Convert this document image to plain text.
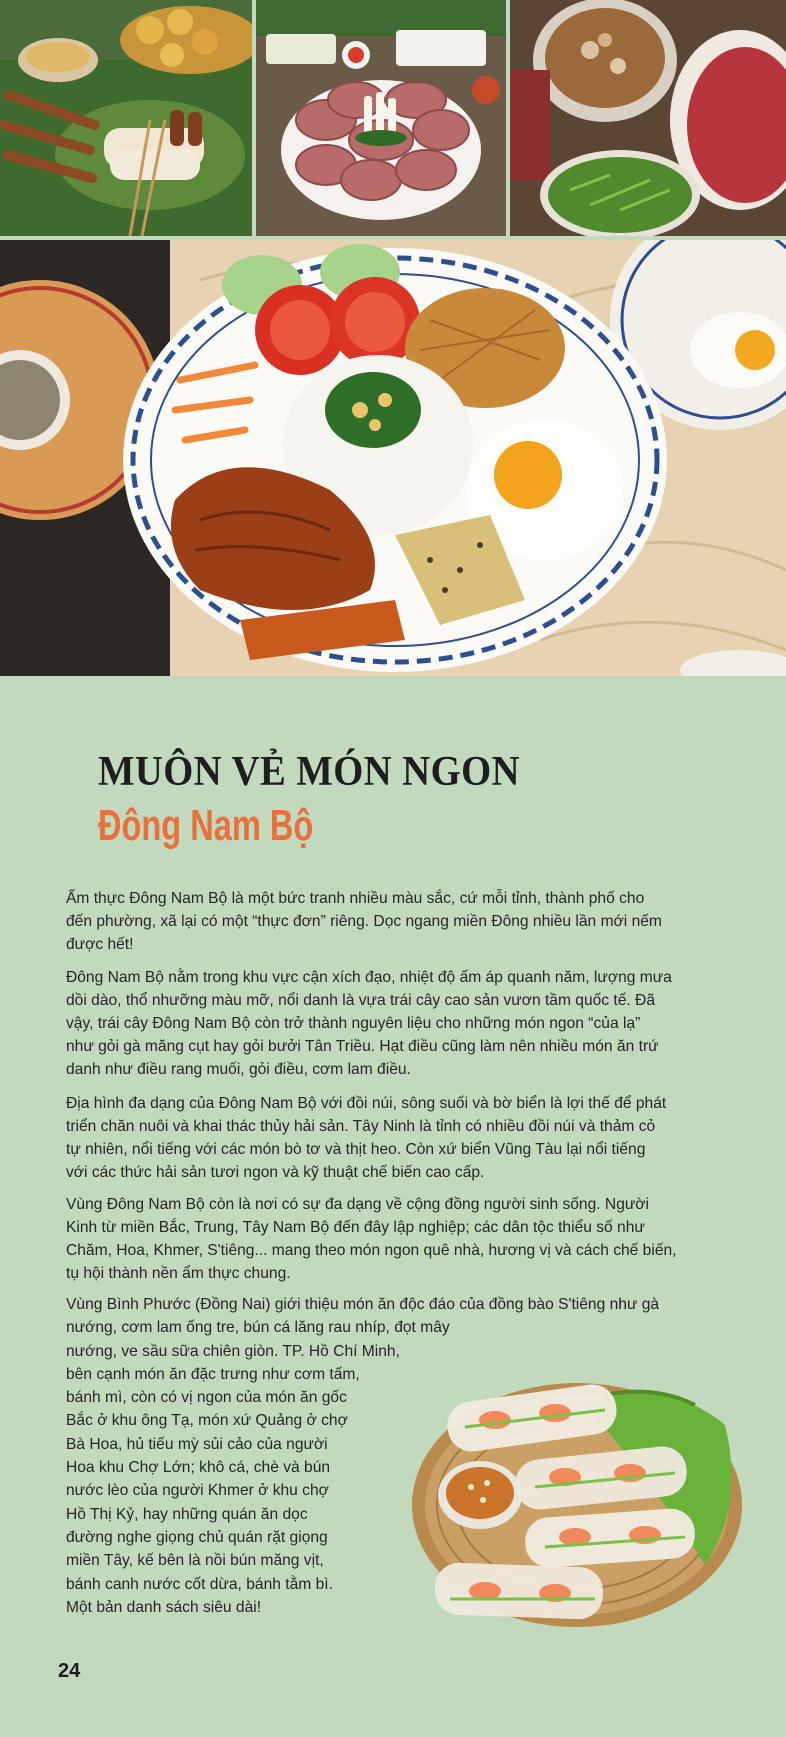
MUÔN VẺ MÓN NGON
Đông Nam Bộ

Ẩm thực Đông Nam Bộ là một bức tranh nhiều màu sắc, cứ mỗi tỉnh, thành phố cho
đến phường, xã lại có một “thực đơn” riêng. Dọc ngang miền Đông nhiều lần mới nếm
được hết!

Đông Nam Bộ nằm trong khu vực cận xích đạo, nhiệt độ ấm áp quanh năm, lượng mưa
dồi dào, thổ nhưỡng màu mỡ, nổi danh là vựa trái cây cao sản vươn tầm quốc tế. Đã
vậy, trái cây Đông Nam Bộ còn trở thành nguyên liệu cho những món ngon “của lạ”
như gỏi gà măng cụt hay gỏi bưởi Tân Triều. Hạt điều cũng làm nên nhiều món ăn trứ
danh như điều rang muối, gỏi điều, cơm lam điều.

Địa hình đa dạng của Đông Nam Bộ với đồi núi, sông suối và bờ biển là lợi thế để phát
triển chăn nuôi và khai thác thủy hải sản. Tây Ninh là tỉnh có nhiều đồi núi và thảm cỏ
tự nhiên, nổi tiếng với các món bò tơ và thịt heo. Còn xứ biển Vũng Tàu lại nổi tiếng
với các thức hải sản tươi ngon và kỹ thuật chế biến cao cấp.

Vùng Đông Nam Bộ còn là nơi có sự đa dạng về cộng đồng người sinh sống. Người
Kinh từ miền Bắc, Trung, Tây Nam Bộ đến đây lập nghiệp; các dân tộc thiểu số như
Chăm, Hoa, Khmer, S'tiêng... mang theo món ngon quê nhà, hương vị và cách chế biến,
tụ hội thành nền ẩm thực chung.

Vùng Bình Phước (Đồng Nai) giới thiệu món ăn độc đáo của đồng bào S'tiêng như gà
nướng, cơm lam ống tre, bún cá lăng rau nhíp, đọt mây
nướng, ve sầu sữa chiên giòn. TP. Hồ Chí Minh,
bên cạnh món ăn đặc trưng như cơm tấm,
bánh mì, còn có vị ngon của món ăn gốc
Bắc ở khu ông Tạ, món xứ Quảng ở chợ
Bà Hoa, hủ tiếu mỳ sủi cảo của người
Hoa khu Chợ Lớn; khô cá, chè và bún
nước lèo của người Khmer ở khu chợ
Hồ Thị Kỷ, hay những quán ăn dọc
đường nghe giọng chủ quán rặt giọng
miền Tây, kế bên là nồi bún măng vịt,
bánh canh nước cốt dừa, bánh tằm bì.
Một bản danh sách siêu dài!
24
